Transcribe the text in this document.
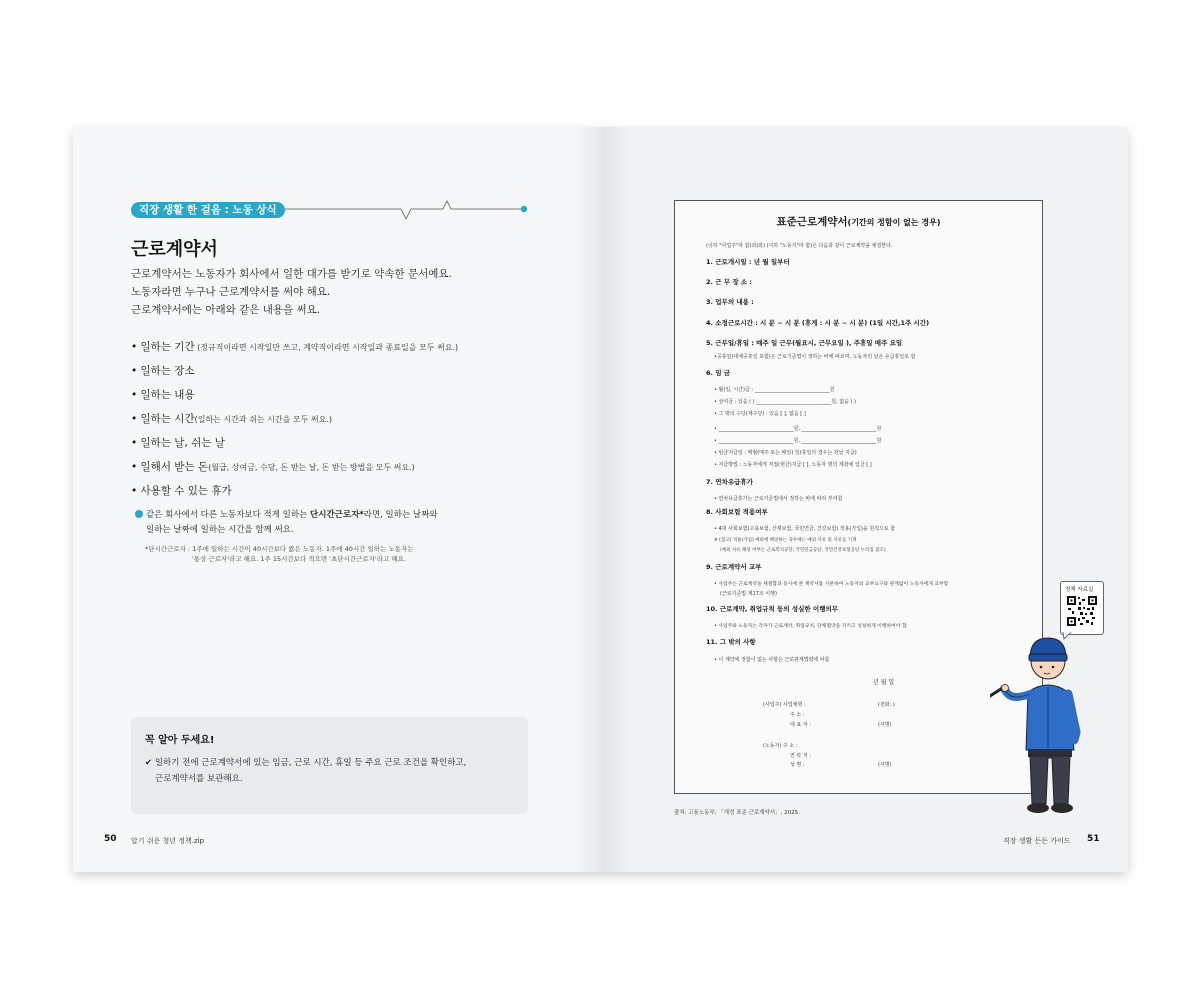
직장 생활 한 걸음 : 노동 상식
근로계약서
근로계약서는 노동자가 회사에서 일한 대가를 받기로 약속한 문서예요.
노동자라면 누구나 근로계약서를 써야 해요.
근로계약서에는 아래와 같은 내용을 써요.
• 일하는 기간 (정규직이라면 시작일만 쓰고, 계약직이라면 시작일과 종료일을 모두 써요.)
• 일하는 장소
• 일하는 내용
• 일하는 시간(일하는 시간과 쉬는 시간을 모두 써요.)
• 일하는 날, 쉬는 날
• 일해서 받는 돈(월급, 상여금, 수당, 돈 받는 날, 돈 받는 방법을 모두 써요.)
• 사용할 수 있는 휴가
같은 회사에서 다른 노동자보다 적게 일하는 단시간근로자*라면, 일하는 날짜와
일하는 날짜에 일하는 시간을 함께 써요.
*단시간근로자 : 1주에 일하는 시간이 40시간보다 짧은 노동자. 1주에 40시간 일하는 노동자는
'통상 근로자'라고 해요. 1주 15시간보다 적으면 '초단시간근로자'라고 해요.
꼭 알아 두세요!
✔ 일하기 전에 근로계약서에 있는 임금, 근로 시간, 휴일 등 주요 근로 조건을 확인하고,
근로계약서를 보관해요.
50 알기 쉬운 청년 정책.zip
표준근로계약서(기간의 정함이 없는 경우)
(이하 "사업주"라 함)과(와) (이하 "노동자"라 함)은 다음과 같이 근로계약을 체결한다.
1. 근로개시일 : 년 월 일부터
2. 근 무 장 소 :
3. 업무의 내용 :
4. 소정근로시간 : 시 분 ~ 시 분 (휴게 : 시 분 ~ 시 분) (1일 시간,1주 시간)
5. 근무일/휴일 : 매주 일 근무(월요시, 근무요일 ), 주휴일 매주 요일
•공휴일(대체공휴일 포함)은 근로기준법이 정하는 바에 따르며, 노동자의 날은 유급휴일로 함
6. 임 금
• 월(일, 시간)급 : ______________________________원
• 상여금 : 있음 ( ) ______________________________원, 없음 ( )
• 그 밖의 수당(제수당) : 있음 [ ], 없음 [ ]
• ______________________________원, ______________________________원
• ______________________________원, ______________________________원
• 임금지급일 : 매월(매주 또는 매일) 일(휴일의 경우는 전날 지급)
• 지급방법 : 노동자에게 직접(현금)지급 [ ], 노동자 명의 계좌에 입금 [ ]
7. 연차유급휴가
• 연차유급휴가는 근로기준법에서 정하는 바에 따라 부여함
8. 사회보험 적용여부
• 4대 사회보험(고용보험, 산재보험, 국민연금, 건강보험) 적용(가입)을 원칙으로 함
※ [참고] 적용(가입) 예외에 해당하는 경우에는 예외 사유 및 사유를 기재
(예외 사유 해당 여부는 근로복지공단, 국민연금공단, 국민건강보험공단 누리집 참조)
9. 근로계약서 교부
• 사업주는 근로계약을 체결함과 동시에 본 계약서를 사본하여 노동자의 교부요구와 관계없이 노동자에게 교부함
(근로기준법 제17조 이행)
10. 근로계약, 취업규칙 등의 성실한 이행의무
• 사업주와 노동자는 각자가 근로계약, 취업규칙, 단체협약을 지키고 성실하게 이행하여야 함
11. 그 밖의 사항
• 이 계약에 정함이 없는 사항은 근로관계법령에 따름
년 월 일
(사업주) 사업체명 :	(전화: )
주 소 :
대 표 자 :	(서명)
(노동자) 주 소 :
연 락 처 :
성 명 :	(서명)
정책 자료실
출처: 고용노동부, 「개정 표준 근로계약서」, 2025.
직장 생활 든든 가이드 51
